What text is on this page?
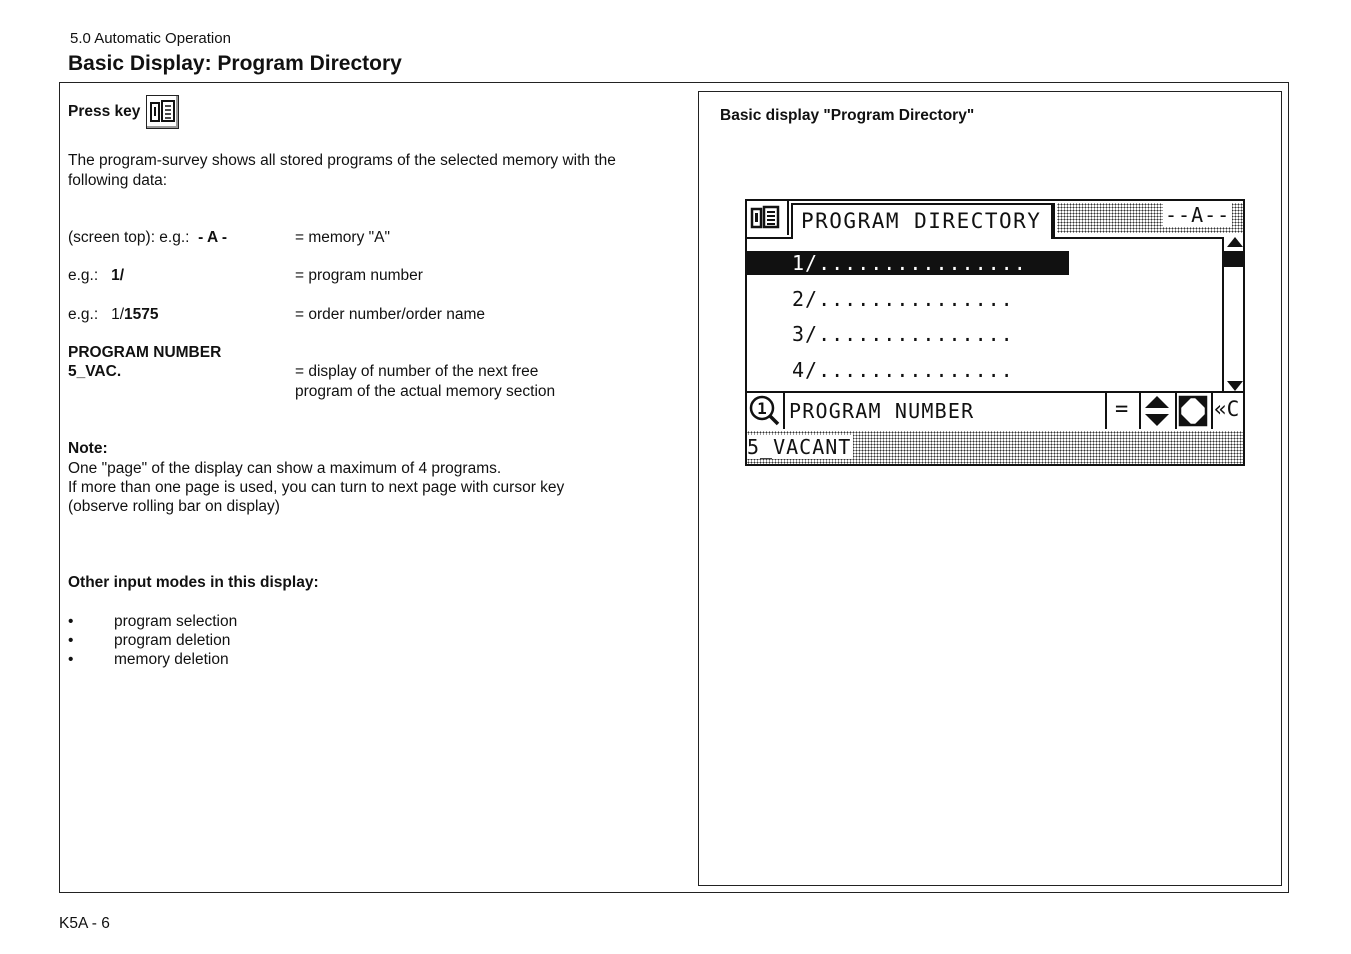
5.0 Automatic Operation
Basic Display: Program Directory
Press key
The program-survey shows all stored programs of the selected memory with the following data:
(screen top): e.g.: - A -	= memory "A"
e.g.: 1/	= program number
e.g.: 1/1575	= order number/order name
PROGRAM NUMBER
5_VAC.	= display of number of the next free
program of the actual memory section
Note:
One "page" of the display can show a maximum of 4 programs.
If more than one page is used, you can turn to next page with cursor key
(observe rolling bar on display)
Other input modes in this display:
• program selection
• program deletion
• memory deletion
Basic display "Program Directory"
PROGRAM DIRECTORY	--A--
1/................
2/...............
3/...............
4/...............
1 PROGRAM NUMBER	=	«C
5_VACANT
K5A - 6
